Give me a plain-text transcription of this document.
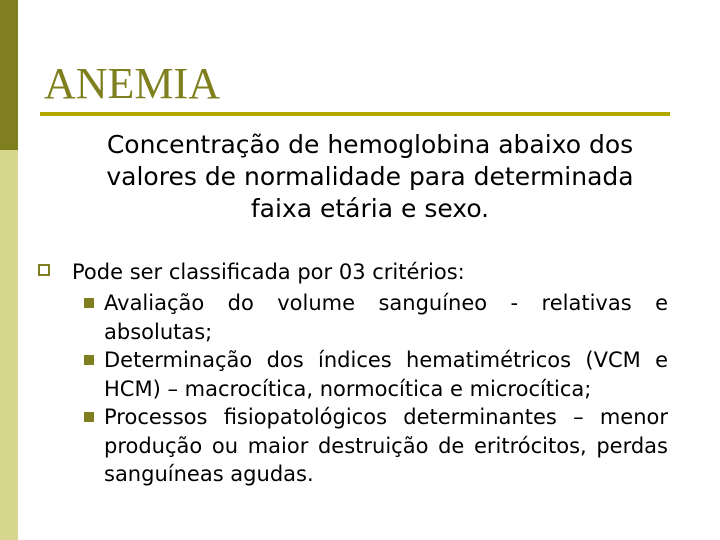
ANEMIA
Concentração de hemoglobina abaixo dos
valores de normalidade para determinada
faixa etária e sexo.
Pode ser classificada por 03 critérios:
Avaliação do volume sanguíneo - relativas e absolutas;
Determinação dos índices hematimétricos (VCM e HCM) – macrocítica, normocítica e microcítica;
Processos fisiopatológicos determinantes – menor produção ou maior destruição de eritrócitos, perdas sanguíneas agudas.
